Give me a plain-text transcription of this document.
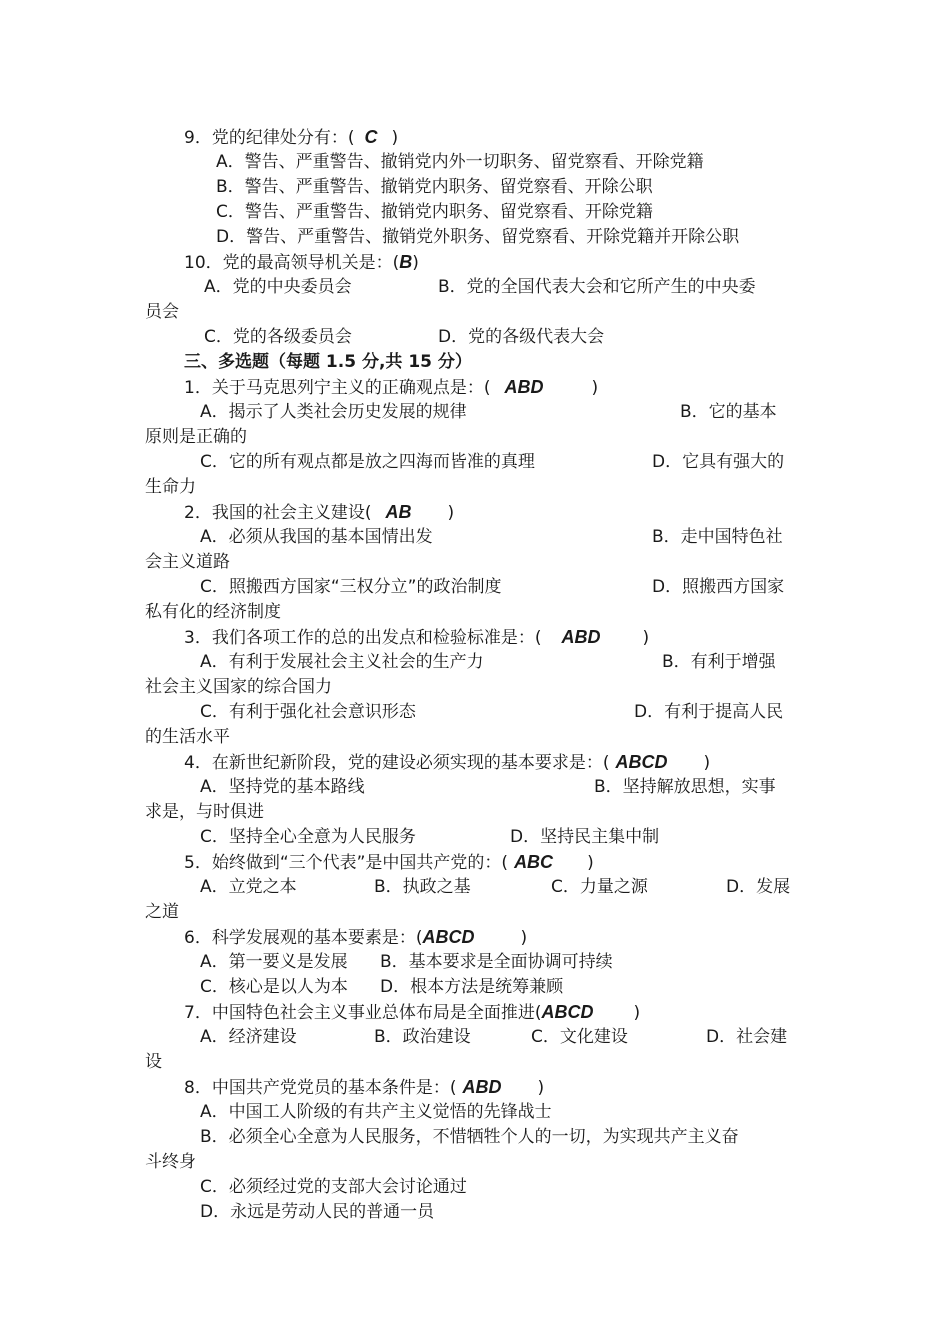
9．党的纪律处分有：( C )
A．警告、严重警告、撤销党内外一切职务、留党察看、开除党籍
B．警告、严重警告、撤销党内职务、留党察看、开除公职
C．警告、严重警告、撤销党内职务、留党察看、开除党籍
D．警告、严重警告、撤销党外职务、留党察看、开除党籍并开除公职
10．党的最高领导机关是：(B)
A．党的中央委员会	B．党的全国代表大会和它所产生的中央委
员会
C．党的各级委员会	D．党的各级代表大会
三、多选题（每题 1.5 分,共 15 分）
1．关于马克思列宁主义的正确观点是：( ABD	)
A．揭示了人类社会历史发展的规律	B．它的基本
原则是正确的
C．它的所有观点都是放之四海而皆准的真理	D．它具有强大的
生命力
2．我国的社会主义建设( AB )
A．必须从我国的基本国情出发	B．走中国特色社
会主义道路
C．照搬西方国家“三权分立”的政治制度	D．照搬西方国家
私有化的经济制度
3．我们各项工作的总的出发点和检验标准是：( ABD )
A．有利于发展社会主义社会的生产力	B．有利于增强
社会主义国家的综合国力
C．有利于强化社会意识形态	D．有利于提高人民
的生活水平
4．在新世纪新阶段，党的建设必须实现的基本要求是：( ABCD )
A．坚持党的基本路线	B．坚持解放思想，实事
求是，与时俱进
C．坚持全心全意为人民服务	D．坚持民主集中制
5．始终做到“三个代表”是中国共产党的：( ABC )
A．立党之本	B．执政之基	C．力量之源	D．发展
之道
6．科学发展观的基本要素是：(ABCD	)
A．第一要义是发展 B．基本要求是全面协调可持续
C．核心是以人为本 D．根本方法是统筹兼顾
7．中国特色社会主义事业总体布局是全面推进(ABCD )
A．经济建设	B．政治建设	C．文化建设	D．社会建
设
8．中国共产党党员的基本条件是：( ABD )
A．中国工人阶级的有共产主义觉悟的先锋战士
B．必须全心全意为人民服务，不惜牺牲个人的一切，为实现共产主义奋
斗终身
C．必须经过党的支部大会讨论通过
D．永远是劳动人民的普通一员
